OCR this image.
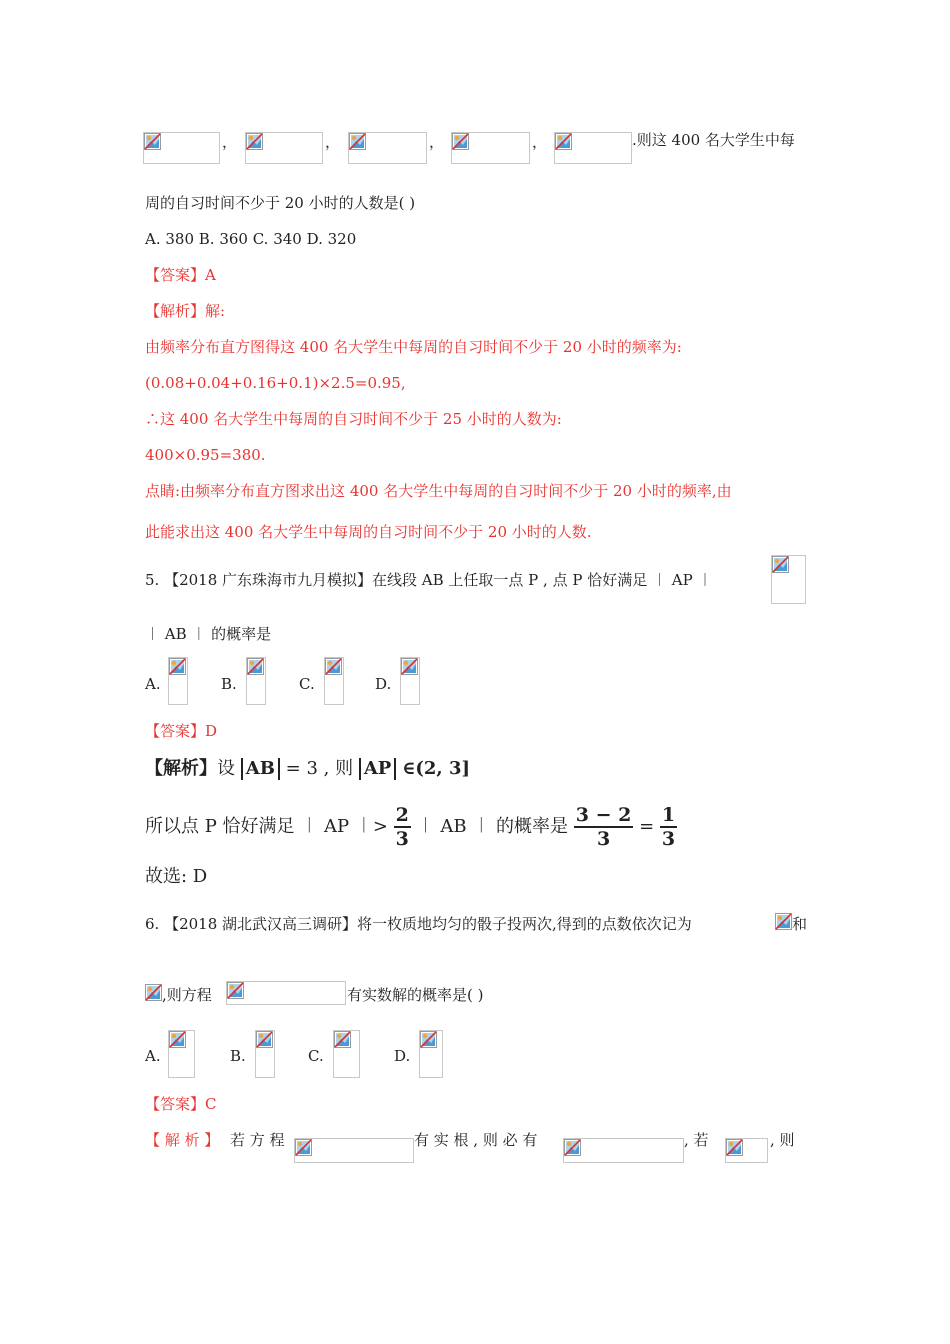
，	，	，	，	.则这 400 名大学生中每
周的自习时间不少于 20 小时的人数是( )
A. 380 B. 360 C. 340 D. 320
【答案】A
【解析】解:
由频率分布直方图得这 400 名大学生中每周的自习时间不少于 20 小时的频率为:
(0.08+0.04+0.16+0.1)×2.5=0.95,
∴这 400 名大学生中每周的自习时间不少于 25 小时的人数为:
400×0.95=380.
点睛:由频率分布直方图求出这 400 名大学生中每周的自习时间不少于 20 小时的频率,由
此能求出这 400 名大学生中每周的自习时间不少于 20 小时的人数.
5. 【2018 广东珠海市九月模拟】在线段 AB 上任取一点 P , 点 P 恰好满足 ︱ AP ︱
︱ AB ︱ 的概率是
A.	B.	C.	D.
【答案】D
【解析】设 AB = 3 , 则 AP ∈(2, 3]
所以点 P 恰好满足 ︱ AP ︱> $\frac{2}{3}$ ︱ AB ︱ 的概率是 $\frac{3 - 2}{3} = \frac{1}{3}$
故选: D
6. 【2018 湖北武汉高三调研】将一枚质地均匀的骰子投两次,得到的点数依次记为	和
,则方程	有实数解的概率是( )
A.	B.	C.	D.
【答案】C
【 解 析 】 若 方 程	有 实 根 , 则 必 有	, 若	, 则
